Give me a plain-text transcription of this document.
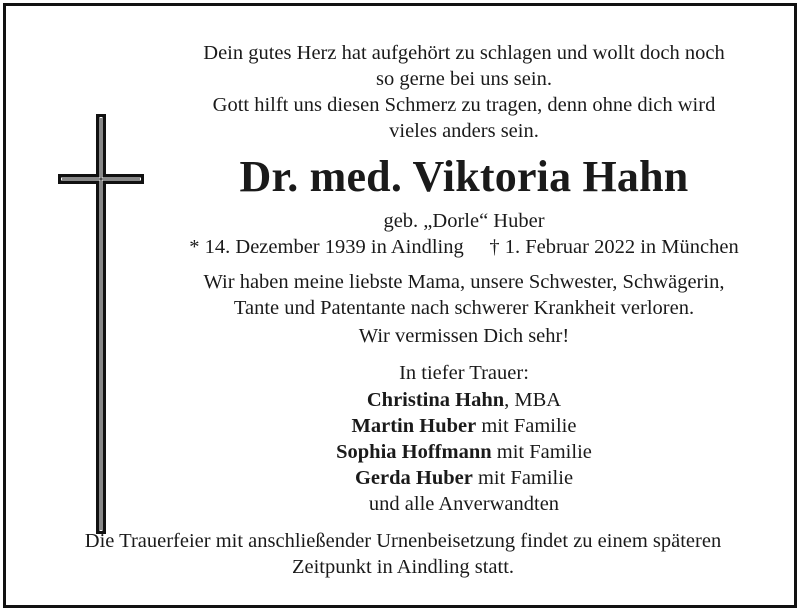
Dein gutes Herz hat aufgehört zu schlagen und wollt doch noch
so gerne bei uns sein.
Gott hilft uns diesen Schmerz zu tragen, denn ohne dich wird
vieles anders sein.
Dr. med. Viktoria Hahn
geb. „Dorle“ Huber
* 14. Dezember 1939 in Aindling † 1. Februar 2022 in München
Wir haben meine liebste Mama, unsere Schwester, Schwägerin,
Tante und Patentante nach schwerer Krankheit verloren.
Wir vermissen Dich sehr!
In tiefer Trauer:
Christina Hahn, MBA
Martin Huber mit Familie
Sophia Hoffmann mit Familie
Gerda Huber mit Familie
und alle Anverwandten
Die Trauerfeier mit anschließender Urnenbeisetzung findet zu einem späteren
Zeitpunkt in Aindling statt.
